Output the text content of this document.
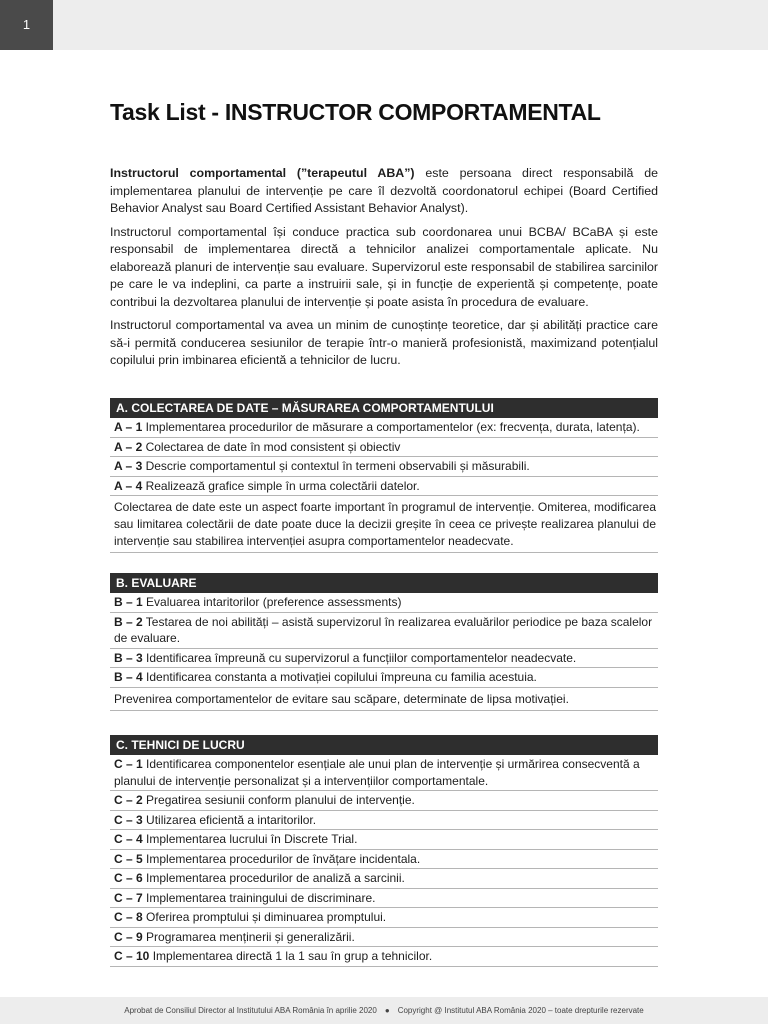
1
Task List - INSTRUCTOR COMPORTAMENTAL

Instructorul comportamental (”terapeutul ABA”) este persoana direct responsabilă de implementarea planului de intervenție pe care îl dezvoltă coordonatorul echipei (Board Certified Behavior Analyst sau Board Certified Assistant Behavior Analyst).

Instructorul comportamental își conduce practica sub coordonarea unui BCBA/ BCaBA și este responsabil de implementarea directă a tehnicilor analizei comportamentale aplicate. Nu elaborează planuri de intervenție sau evaluare. Supervizorul este responsabil de stabilirea sarcinilor pe care le va indeplini, ca parte a instruirii sale, și in funcție de experientă și competențe, poate contribui la dezvoltarea planului de intervenție și poate asista în procedura de evaluare.

Instructorul comportamental va avea un minim de cunoștințe teoretice, dar și abilități practice care să-i permită conducerea sesiunilor de terapie într-o manieră profesionistă, maximizand potențialul copilului prin imbinarea eficientă a tehnicilor de lucru.

A. COLECTAREA DE DATE – MĂSURAREA COMPORTAMENTULUI
A – 1 Implementarea procedurilor de măsurare a comportamentelor (ex: frecvența, durata, latența).
A – 2 Colectarea de date în mod consistent și obiectiv
A – 3 Descrie comportamentul și contextul în termeni observabili și măsurabili.
A – 4 Realizează grafice simple în urma colectării datelor.
Colectarea de date este un aspect foarte important în programul de intervenție. Omiterea, modificarea sau limitarea colectării de date poate duce la decizii greșite în ceea ce privește realizarea planului de intervenție sau stabilirea intervenției asupra comportamentelor neadecvate.
B. EVALUARE
B – 1 Evaluarea intaritorilor (preference assessments)
B – 2 Testarea de noi abilități – asistă supervizorul în realizarea evaluărilor periodice pe baza scalelor de evaluare.
B – 3 Identificarea împreună cu supervizorul a funcțiilor comportamentelor neadecvate.
B – 4 Identificarea constanta a motivației copilului împreuna cu familia acestuia.
Prevenirea comportamentelor de evitare sau scăpare, determinate de lipsa motivației.
C. TEHNICI DE LUCRU
C – 1 Identificarea componentelor esențiale ale unui plan de intervenție și urmărirea consecventă a planului de intervenție personalizat și a intervențiilor comportamentale.
C – 2 Pregatirea sesiunii conform planului de intervenție.
C – 3 Utilizarea eficientă a intaritorilor.
C – 4 Implementarea lucrului în Discrete Trial.
C – 5 Implementarea procedurilor de învățare incidentala.
C – 6 Implementarea procedurilor de analiză a sarcinii.
C – 7 Implementarea trainingului de discriminare.
C – 8 Oferirea promptului și diminuarea promptului.
C – 9 Programarea menținerii și generalizării.
C – 10 Implementarea directă 1 la 1 sau în grup a tehnicilor.
Aprobat de Consiliul Director al Institutului ABA România în aprilie 2020 ● Copyright @ Institutul ABA România 2020 – toate drepturile rezervate
